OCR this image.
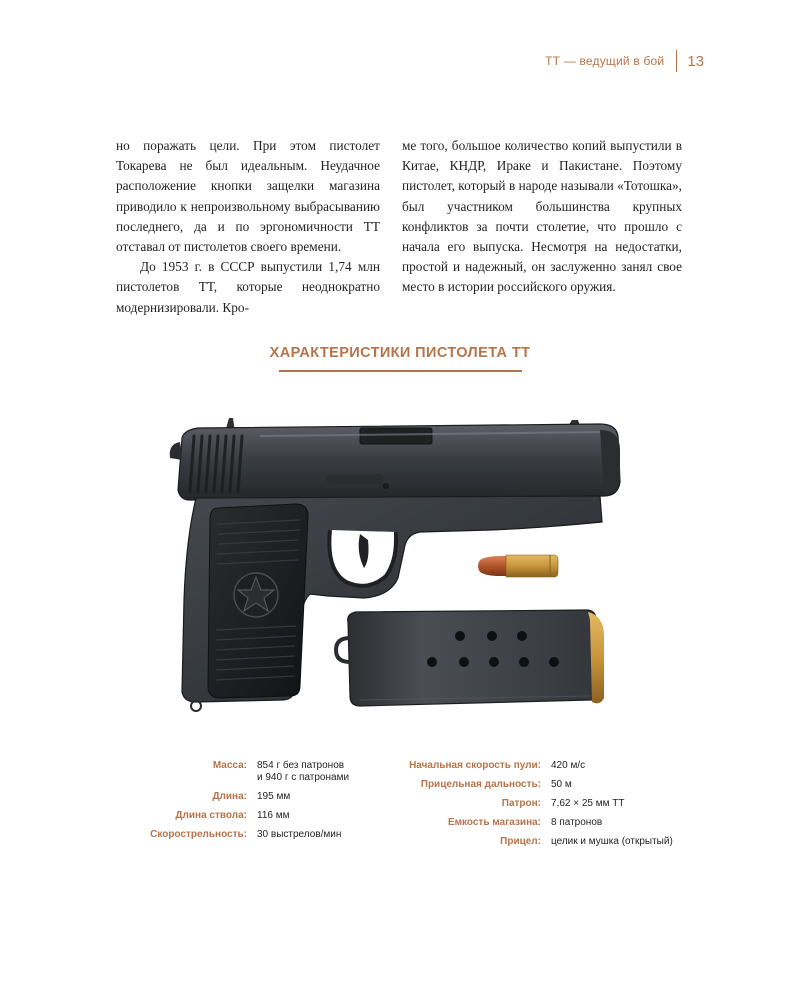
ТТ — ведущий в бой 13

но поражать цели. При этом пистолет Токарева не был идеальным. Неудачное расположение кнопки защелки магазина приводило к непроизвольному выбрасыванию последнего, да и по эргономичности ТТ отставал от пистолетов своего времени.

До 1953 г. в СССР выпустили 1,74 млн пистолетов ТТ, которые неоднократно модернизировали. Кро-

ме того, большое количество копий выпустили в Китае, КНДР, Ираке и Пакистане. Поэтому пистолет, который в народе называли «Тотошка», был участником большинства крупных конфликтов за почти столетие, что прошло с начала его выпуска. Несмотря на недостатки, простой и надежный, он заслуженно занял свое место в истории российского оружия.

ХАРАКТЕРИСТИКИ ПИСТОЛЕТА ТТ
Масса:	854 г без патронов
и 940 г с патронами
Длина:	195 мм
Длина ствола:	116 мм
Скорострельность:	30 выстрелов/мин
Начальная скорость пули:	420 м/с
Прицельная дальность:	50 м
Патрон:	7,62 × 25 мм ТТ
Емкость магазина:	8 патронов
Прицел:	целик и мушка (открытый)
